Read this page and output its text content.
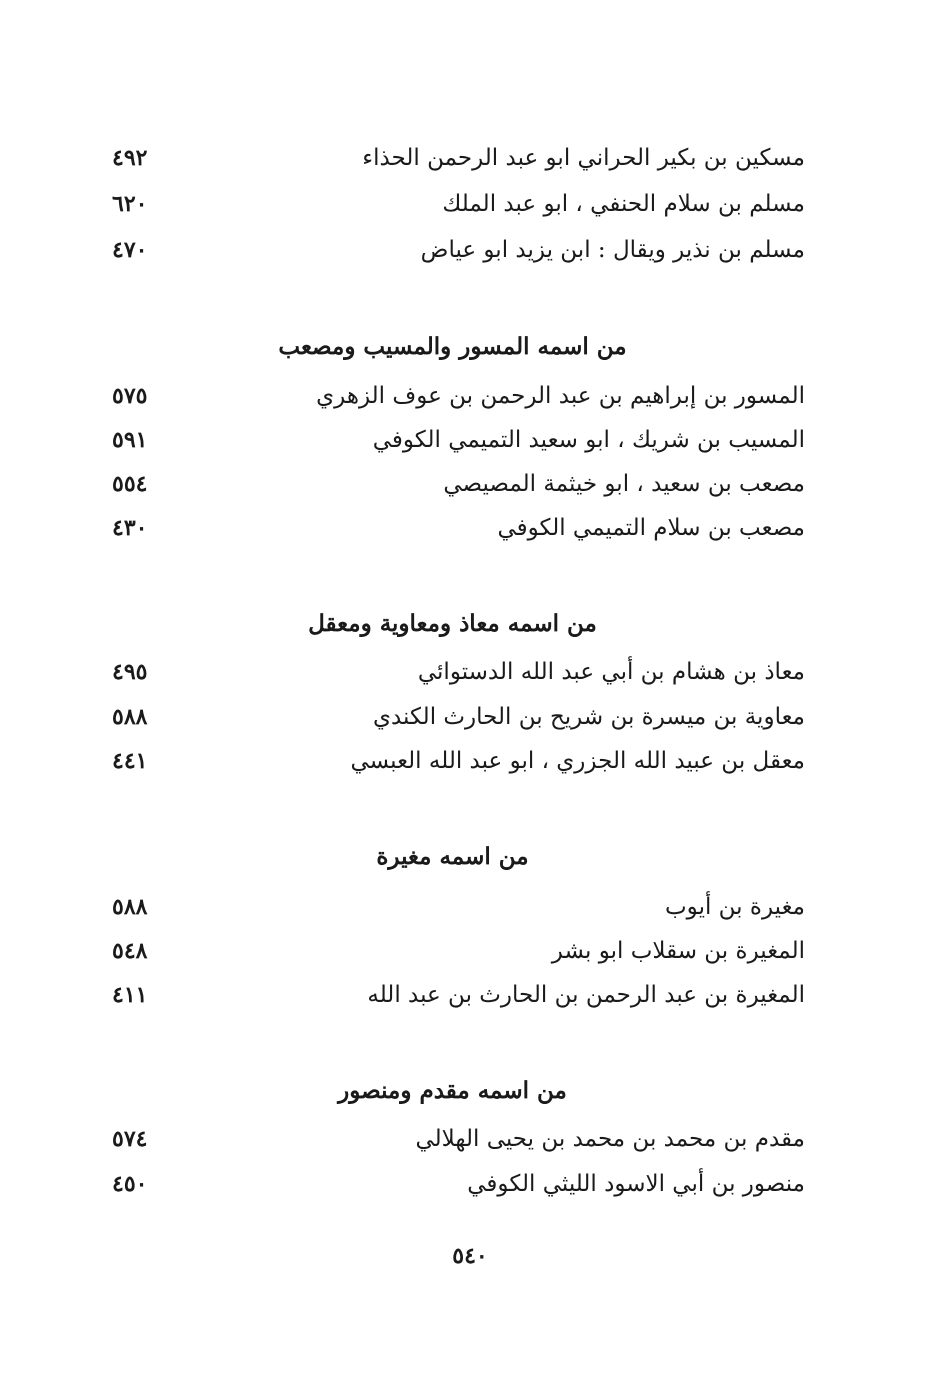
مسكين بن بكير الحراني ابو عبد الرحمن الحذاء
٤٩٢
مسلم بن سلام الحنفي ، ابو عبد الملك
٦٢٠
مسلم بن نذير ويقال : ابن يزيد ابو عياض
٤٧٠
من اسمه المسور والمسيب ومصعب
المسور بن إبراهيم بن عبد الرحمن بن عوف الزهري
٥٧٥
المسيب بن شريك ، ابو سعيد التميمي الكوفي
٥٩١
مصعب بن سعيد ، ابو خيثمة المصيصي
٥٥٤
مصعب بن سلام التميمي الكوفي
٤٣٠
من اسمه معاذ ومعاوية ومعقل
معاذ بن هشام بن أبي عبد الله الدستوائي
٤٩٥
معاوية بن ميسرة بن شريح بن الحارث الكندي
٥٨٨
معقل بن عبيد الله الجزري ، ابو عبد الله العبسي
٤٤١
من اسمه مغيرة
مغيرة بن أيوب
٥٨٨
المغيرة بن سقلاب ابو بشر
٥٤٨
المغيرة بن عبد الرحمن بن الحارث بن عبد الله
٤١١
من اسمه مقدم ومنصور
مقدم بن محمد بن محمد بن يحيى الهلالي
٥٧٤
منصور بن أبي الاسود الليثي الكوفي
٤٥٠
٥٤٠
